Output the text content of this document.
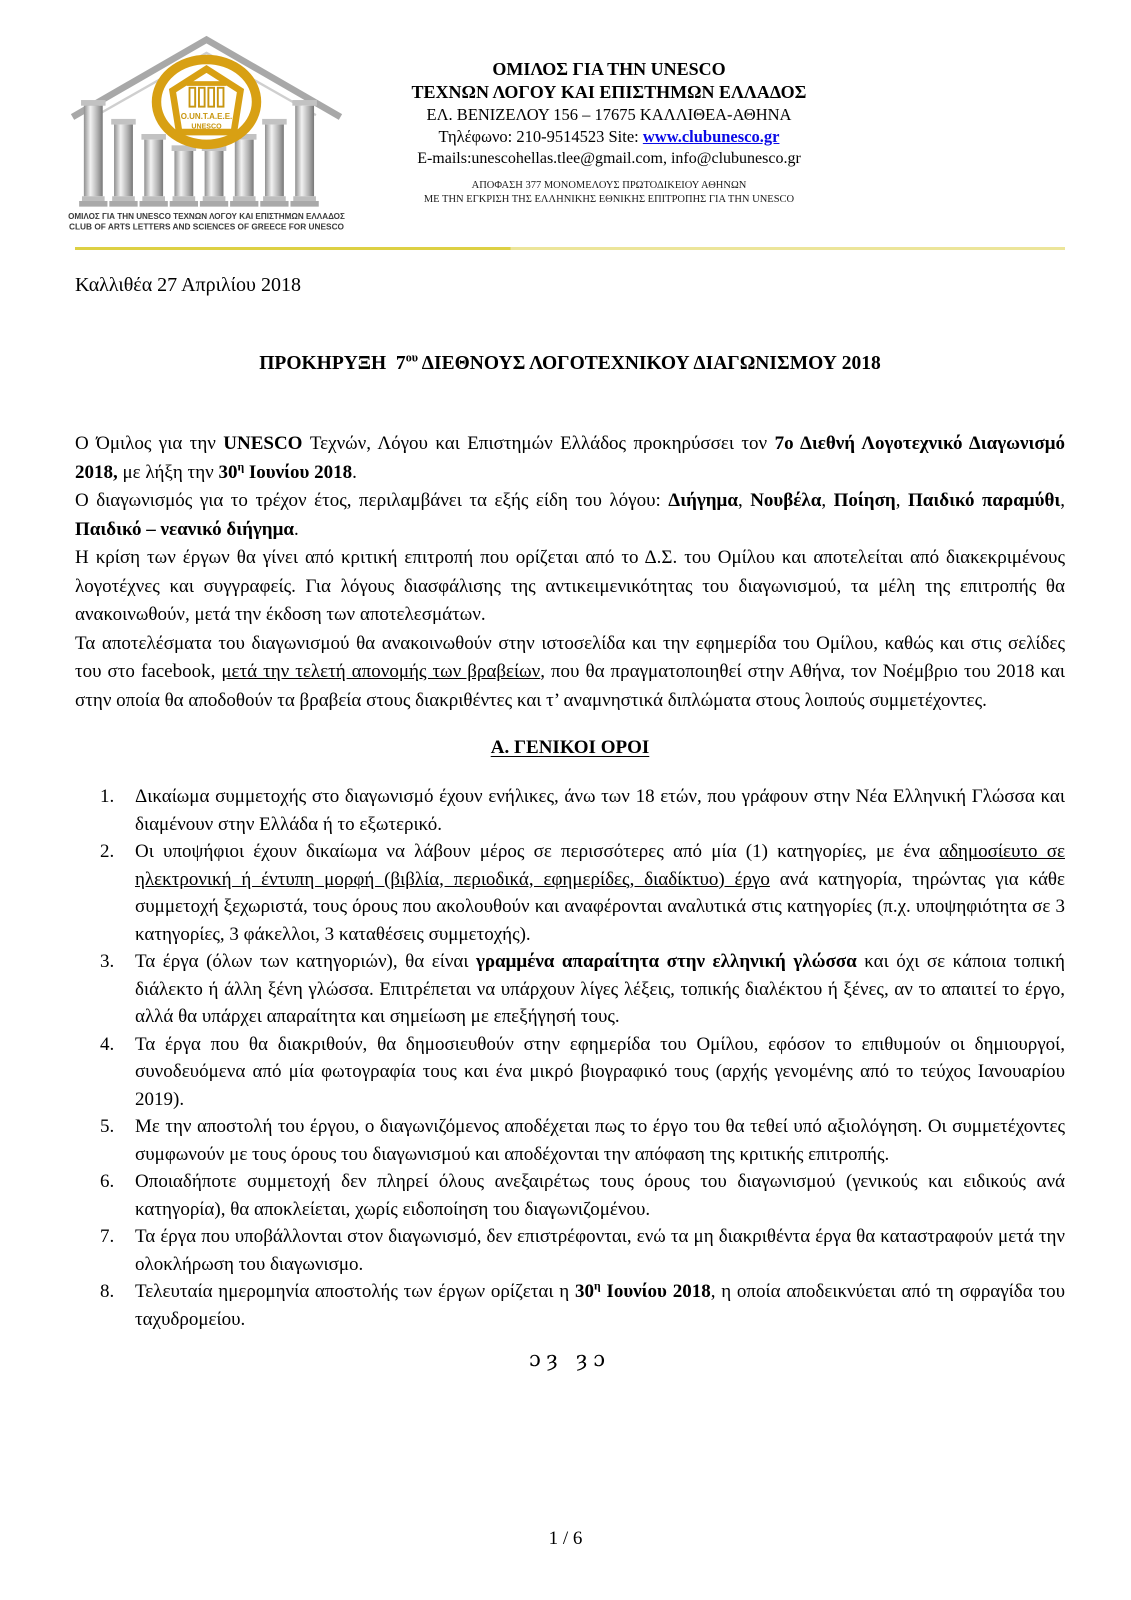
O.UN.T.A.E.E.
UNESCO
ΟΜΙΛΟΣ ΓΙΑ ΤΗΝ UNESCO ΤΕΧΝΩΝ ΛΟΓΟΥ ΚΑΙ ΕΠΙΣΤΗΜΩΝ ΕΛΛΑΔΟΣ
CLUB OF ARTS LETTERS AND SCIENCES OF GREECE FOR UNESCO
ΟΜΙΛΟΣ ΓΙΑ ΤΗΝ UNESCO
ΤΕΧΝΩΝ ΛΟΓΟΥ ΚΑΙ ΕΠΙΣΤΗΜΩΝ ΕΛΛΑΔΟΣ
ΕΛ. ΒΕΝΙΖΕΛΟΥ 156 – 17675 ΚΑΛΛΙΘΕΑ-ΑΘΗΝΑ
Τηλέφωνο: 210-9514523 Site: www.clubunesco.gr
E-mails:unescohellas.tlee@gmail.com, info@clubunesco.gr
ΑΠΟΦΑΣΗ 377 ΜΟΝΟΜΕΛΟΥΣ ΠΡΩΤΟΔΙΚΕΙΟΥ ΑΘΗΝΩΝ
ΜΕ ΤΗΝ ΕΓΚΡΙΣΗ ΤΗΣ ΕΛΛΗΝΙΚΗΣ ΕΘΝΙΚΗΣ ΕΠΙΤΡΟΠΗΣ ΓΙΑ ΤΗΝ UNESCO
Καλλιθέα 27 Απριλίου 2018
ΠΡΟΚΗΡΥΞΗ  $7^{o\upsilon}$ ΔΙΕΘΝΟΥΣ ΛΟΓΟΤΕΧΝΙΚΟΥ ΔΙΑΓΩΝΙΣΜΟΥ 2018

Ο Όμιλος για την UNESCO Τεχνών, Λόγου και Επιστημών Ελλάδος προκηρύσσει τον 7ο Διεθνή Λογοτεχνικό Διαγωνισμό 2018, με λήξη την $30^\eta$ Ιουνίου 2018.

Ο διαγωνισμός για το τρέχον έτος, περιλαμβάνει τα εξής είδη του λόγου: Διήγημα, Νουβέλα, Ποίηση, Παιδικό παραμύθι, Παιδικό – νεανικό διήγημα.

Η κρίση των έργων θα γίνει από κριτική επιτροπή που ορίζεται από το Δ.Σ. του Ομίλου και αποτελείται από διακεκριμένους λογοτέχνες και συγγραφείς. Για λόγους διασφάλισης της αντικειμενικότητας του διαγωνισμού, τα μέλη της επιτροπής θα ανακοινωθούν, μετά την έκδοση των αποτελεσμάτων.

Τα αποτελέσματα του διαγωνισμού θα ανακοινωθούν στην ιστοσελίδα και την εφημερίδα του Ομίλου, καθώς και στις σελίδες του στο facebook, μετά την τελετή απονομής των βραβείων, που θα πραγματοποιηθεί στην Αθήνα, τον Νοέμβριο του 2018 και στην οποία θα αποδοθούν τα βραβεία στους διακριθέντες και τ’ αναμνηστικά διπλώματα στους λοιπούς συμμετέχοντες.

Α. ΓΕΝΙΚΟΙ ΟΡΟΙ
1.	Δικαίωμα συμμετοχής στο διαγωνισμό έχουν ενήλικες, άνω των 18 ετών, που γράφουν στην Νέα Ελληνική Γλώσσα και διαμένουν στην Ελλάδα ή το εξωτερικό.
2.	Οι υποψήφιοι έχουν δικαίωμα να λάβουν μέρος σε περισσότερες από μία (1) κατηγορίες, με ένα αδημοσίευτο σε ηλεκτρονική ή έντυπη μορφή (βιβλία, περιοδικά, εφημερίδες, διαδίκτυο) έργο ανά κατηγορία, τηρώντας για κάθε συμμετοχή ξεχωριστά, τους όρους που ακολουθούν και αναφέρονται αναλυτικά στις κατηγορίες (π.χ. υποψηφιότητα σε 3 κατηγορίες, 3 φάκελλοι, 3 καταθέσεις συμμετοχής).
3.	Τα έργα (όλων των κατηγοριών), θα είναι γραμμένα απαραίτητα στην ελληνική γλώσσα και όχι σε κάποια τοπική διάλεκτο ή άλλη ξένη γλώσσα. Επιτρέπεται να υπάρχουν λίγες λέξεις, τοπικής διαλέκτου ή ξένες, αν το απαιτεί το έργο, αλλά θα υπάρχει απαραίτητα και σημείωση με επεξήγησή τους.
4.	Τα έργα που θα διακριθούν, θα δημοσιευθούν στην εφημερίδα του Ομίλου, εφόσον το επιθυμούν οι δημιουργοί, συνοδευόμενα από μία φωτογραφία τους και ένα μικρό βιογραφικό τους (αρχής γενομένης από το τεύχος Ιανουαρίου 2019).
5.	Με την αποστολή του έργου, ο διαγωνιζόμενος αποδέχεται πως το έργο του θα τεθεί υπό αξιολόγηση. Οι συμμετέχοντες συμφωνούν με τους όρους του διαγωνισμού και αποδέχονται την απόφαση της κριτικής επιτροπής.
6.	Οποιαδήποτε συμμετοχή δεν πληρεί όλους ανεξαιρέτως τους όρους του διαγωνισμού (γενικούς και ειδικούς ανά κατηγορία), θα αποκλείεται, χωρίς ειδοποίηση του διαγωνιζομένου.
7.	Τα έργα που υποβάλλονται στον διαγωνισμό, δεν επιστρέφονται, ενώ τα μη διακριθέντα έργα θα καταστραφούν μετά την ολοκλήρωση του διαγωνισμο.
8.	Τελευταία ημερομηνία αποστολής των έργων ορίζεται η $30^\eta$ Ιουνίου 2018, η οποία αποδεικνύεται από τη σφραγίδα του ταχυδρομείου.
ɔȝ ȝɔ
1 / 6
